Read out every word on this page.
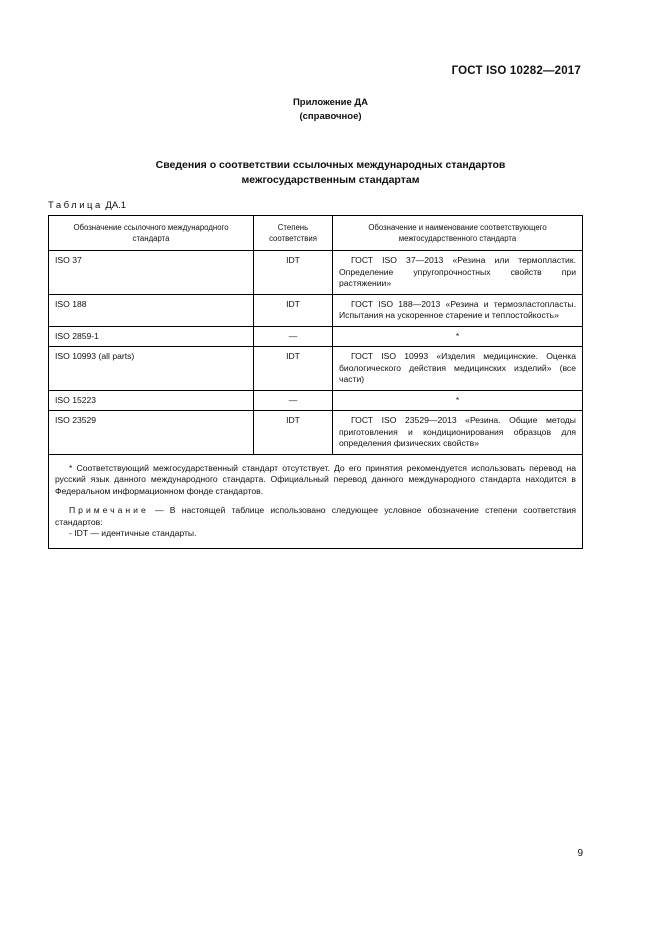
ГОСТ ISO 10282—2017
Приложение ДА
(справочное)
Сведения о соответствии ссылочных международных стандартов
межгосударственным стандартам
Таблица ДА.1
Обозначение ссылочного международного стандарта	Степень соответствия	Обозначение и наименование соответствующего межгосударственного стандарта
ISO 37	IDT	ГОСТ ISO 37—2013 «Резина или термопластик. Определение упругопрочностных свойств при растяжении»
ISO 188	IDT	ГОСТ ISO 188—2013 «Резина и термоэластопласты. Испытания на ускоренное старение и теплостойкость»
ISO 2859-1	—	*
ISO 10993 (all parts)	IDT	ГОСТ ISO 10993 «Изделия медицинские. Оценка биологического действия медицинских изделий» (все части)
ISO 15223	—	*
ISO 23529	IDT	ГОСТ ISO 23529—2013 «Резина. Общие методы приготовления и кондиционирования образцов для определения физических свойств»

* Соответствующий межгосударственный стандарт отсутствует. До его принятия рекомендуется использовать перевод на русский язык данного международного стандарта. Официальный перевод данного международного стандарта находится в Федеральном информационном фонде стандартов.

Примечание — В настоящей таблице использовано следующее условное обозначение степени соответствия стандартов:

- IDT — идентичные стандарты.		
9
